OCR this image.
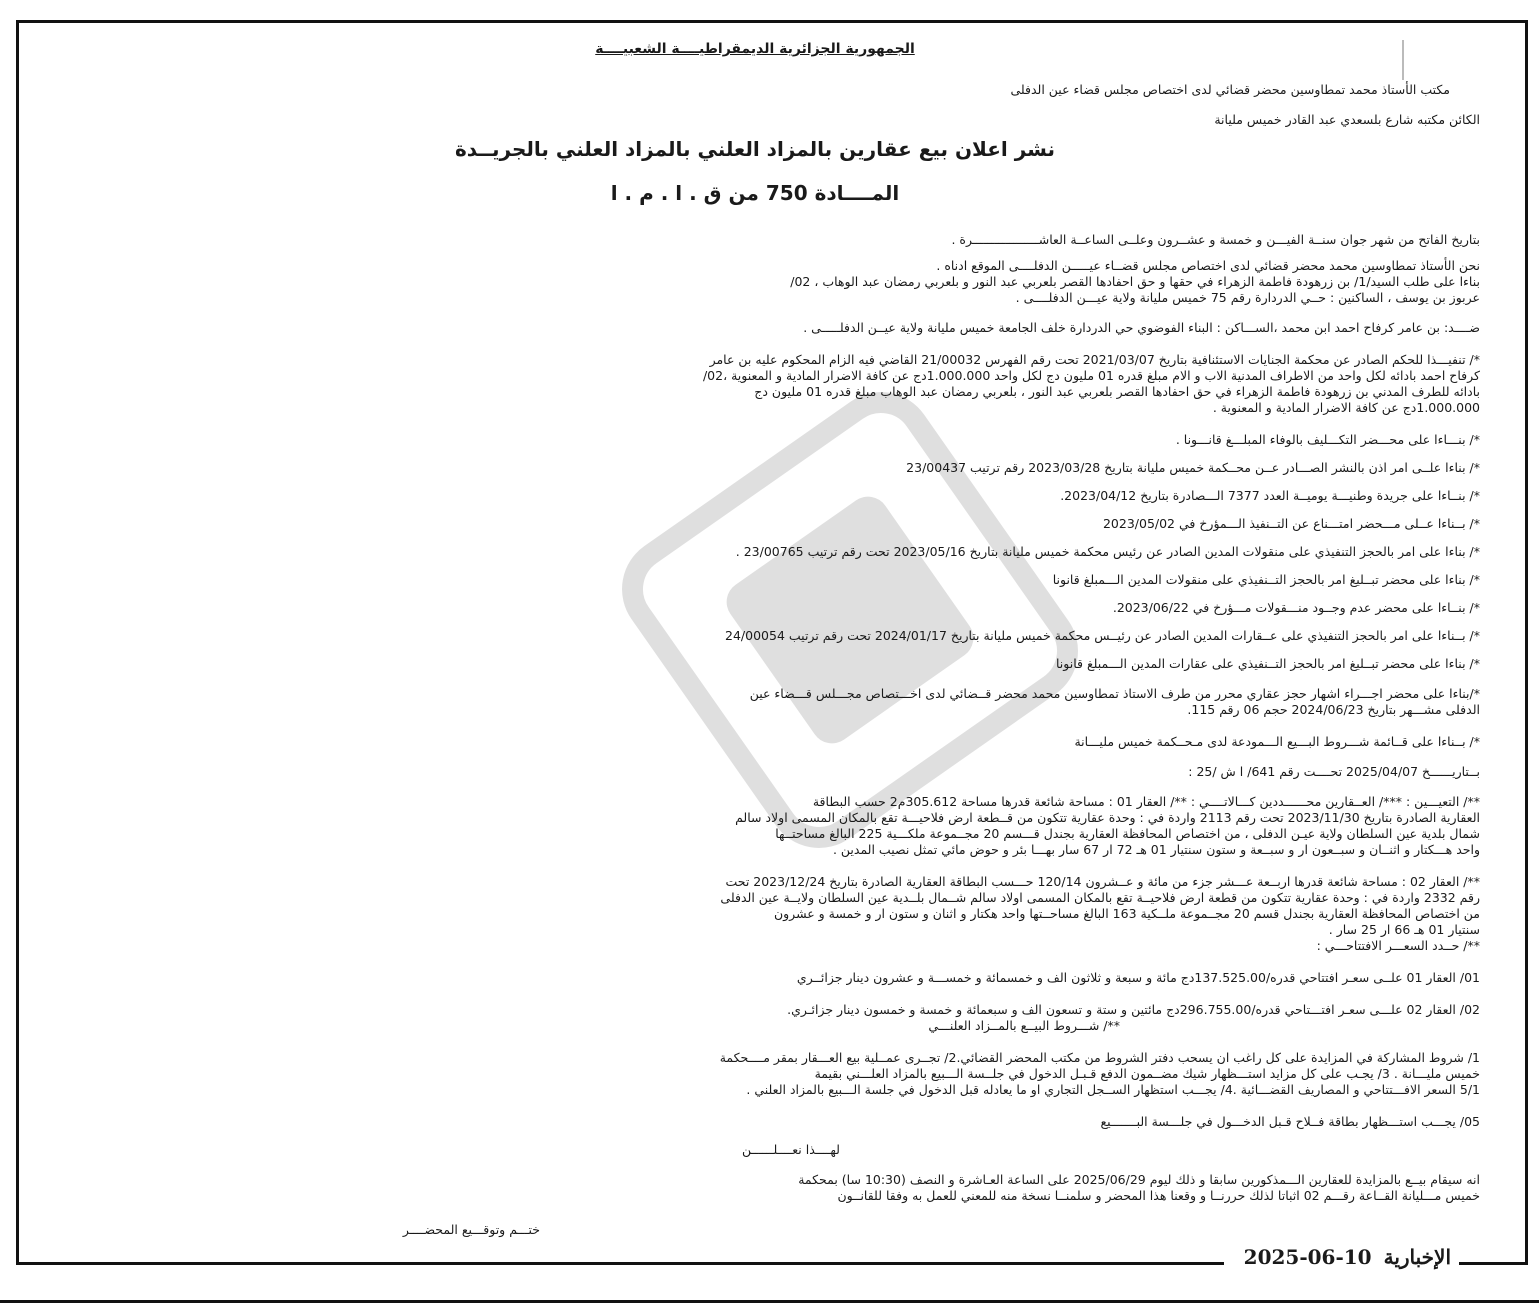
الجمهورية الجزائرية الديمقراطيــــة الشعبيــــة
مكتب الأستاذ محمد تمطاوسين محضر قضائي لدى اختصاص مجلس قضاء عين الدفلى
الكائن مكتبه شارع بلسعدي عبد القادر خميس مليانة
نشر اعلان بيع عقارين بالمزاد العلني بالمزاد العلني بالجريــدة
المــــادة 750 من ق . ا . م . ا
بتاريخ الفاتح من شهر جوان سنــة الفيـــن و خمسة و عشــرون وعلــى الساعــة العاشــــــــــــــــــرة .
نحن الأستاذ تمطاوسين محمد محضر قضائي لدى اختصاص مجلس قضــاء عيـــــن الدفلــــى الموقع ادناه .
بناءا على طلب السيد/1/ بن زرهودة فاطمة الزهراء في حقها و حق احفادها القصر بلعربي عبد النور و بلعربي رمضان عبد الوهاب ، 02/
عربوز بن يوسف ، الساكنين : حــي الدردارة رقم 75 خميس مليانة ولاية عيـــن الدفلــــى .
ضــــد: بن عامر كرفاح احمد ابن محمد ،الســـاكن : البناء الفوضوي حي الدردارة خلف الجامعة خميس مليانة ولاية عيــن الدفلـــــى .
*/ تنفيـــذا للحكم الصادر عن محكمة الجنايات الاستئنافية بتاريخ 2021/03/07 تحت رقم الفهرس 21/00032 القاضي فيه الزام المحكوم عليه بن عامر
كرفاح احمد بادائه لكل واحد من الاطراف المدنية الاب و الام مبلغ قدره 01 مليون دج لكل واحد 1.000.000دج عن كافة الاضرار المادية و المعنوية ،02/
بادائه للطرف المدني بن زرهودة فاطمة الزهراء في حق احفادها القصر بلعربي عبد النور ، بلعربي رمضان عبد الوهاب مبلغ قدره 01 مليون دج
1.000.000دج عن كافة الاضرار المادية و المعنوية .
*/ بنـــاءا على محـــضر التكـــليف بالوفاء المبلـــغ قانـــونا .
*/ بناءا علــى امر اذن بالنشر الصـــادر عــن محــكمة خميس مليانة بتاريخ 2023/03/28 رقم ترتيب 23/00437
*/ بنــاءا على جريدة وطنيـــة يوميــة العدد 7377 الـــصادرة بتاريخ 2023/04/12.
*/ بــناءا عــلى مـــحضر امتـــناع عن التــنفيذ الـــمؤرخ في 2023/05/02
*/ بناءا على امر بالحجز التنفيذي على منقولات المدين الصادر عن رئيس محكمة خميس مليانة بتاريخ 2023/05/16 تحت رقم ترتيب 23/00765 .
*/ بناءا على محضر تبــليغ امر بالحجز التــنفيذي على منقولات المدين الـــمبلغ قانونا
*/ بنــاءا على محضر عدم وجــود منـــقولات مـــؤرخ في 2023/06/22.
*/ بــناءا على امر بالحجز التنفيذي على عــقارات المدين الصادر عن رئيــس محكمة خميس مليانة بتاريخ 2024/01/17 تحت رقم ترتيب 24/00054
*/ بناءا على محضر تبــليغ امر بالحجز التــنفيذي على عقارات المدين الـــمبلغ قانونا
*/بناءا على محضر اجـــراء اشهار حجز عقاري محرر من طرف الاستاذ تمطاوسين محمد محضر قــضائي لدى اخـــتصاص مجـــلس قـــضاء عين
الدفلى مشـــهر بتاريخ 2024/06/23 حجم 06 رقم 115.
*/ بــناءا على قــائمة شـــروط البـــيع الـــمودعة لدى مـحــكمة خميس مليـــانة
بــتاريــــــخ 2025/04/07 تحــــت رقم 641/ ا ش /25 :
**/ التعيـــين : ***/ العــقارين محــــــددين كـــالاتــــي : **/ العقار 01 : مساحة شائعة قدرها مساحة 305.612م2 حسب البطاقة
العقارية الصادرة بتاريخ 2023/11/30 تحت رقم 2113 واردة في : وحدة عقارية تتكون من قــطعة ارض فلاحيـــة تقع بالمكان المسمى اولاد سالم
شمال بلدية عين السلطان ولاية عيـن الدفلى ، من اختصاص المحافظة العقارية بجندل قـــسم 20 مجــموعة ملكـــية 225 البالغ مساحتــها
واحد هـــكتار و اثنــان و سبــعون ار و سبــعة و ستون سنتيار 01 هـ 72 ار 67 سار بهـــا بئر و حوض مائي تمثل نصيب المدين .
**/ العقار 02 : مساحة شائعة قدرها اربــعة عـــشر جزء من مائة و عــشرون 120/14 حـــسب البطاقة العقارية الصادرة بتاريخ 2023/12/24 تحت
رقم 2332 واردة في : وحدة عقارية تتكون من قطعة ارض فلاحيــة تقع بالمكان المسمى اولاد سالم شــمال بلــدية عين السلطان ولايــة عين الدفلى
من اختصاص المحافظة العقارية بجندل قسم 20 مجــموعة ملــكية 163 البالغ مساحــتها واحد هكتار و اثنان و ستون ار و خمسة و عشرون
سنتيار 01 هـ 66 ار 25 سار .
**/ حــدد السعـــر الافتتاحـــي :
01/ العقار 01 علــى سعـر افتتاحي قدره/137.525.00دج مائة و سبعة و ثلاثون الف و خمسمائة و خمســـة و عشرون دينار جزائــري
02/ العقار 02 علـــى سعـر افتـــتاحي قدره/296.755.00دج مائتين و ستة و تسعون الف و سبعمائة و خمسة و خمسون دينار جزائـري.
**/ شـــروط البيــع بالمــزاد العلنـــي
1/ شروط المشاركة في المزايدة على كل راغب ان يسحب دفتر الشروط من مكتب المحضر القضائي.2/ تجــرى عمــلية بيع العـــقار بمقر مــــحكمة
خميس مليـــانة . 3/ يجـب على كل مزايد استـــظهار شيك مضــمون الدفع قـبـل الدخول في جلــسة الـــبيع بالمزاد العلـــني بقيمة
5/1 السعر الافـــتتاحي و المصاريف القضـــائية .4/ يجـــب استظهار الســجل التجاري او ما يعادله قبل الدخول في جلسة الـــبيع بالمزاد العلني .
05/ يجـــب استـــظهار بطاقة فــلاح قـبل الدخـــول في جلـــسة البـــــــيع
لهــــذا نعــــلــــــن
انه سيقام بيــع بالمزايدة للعقارين الـــمذكورين سابقا و ذلك ليوم 2025/06/29 على الساعة العـاشرة و النصف (10:30 سا) بمحكمة
خميس مـــليانة القــاعة رقـــم 02 اثباتا لذلك حررنــا و وقعنا هذا المحضر و سلمنــا نسخة منه للمعني للعمل به وفقا للقانــون
ختـــم وتوقـــيع المحضــــر
الإخبارية2025-06-10
